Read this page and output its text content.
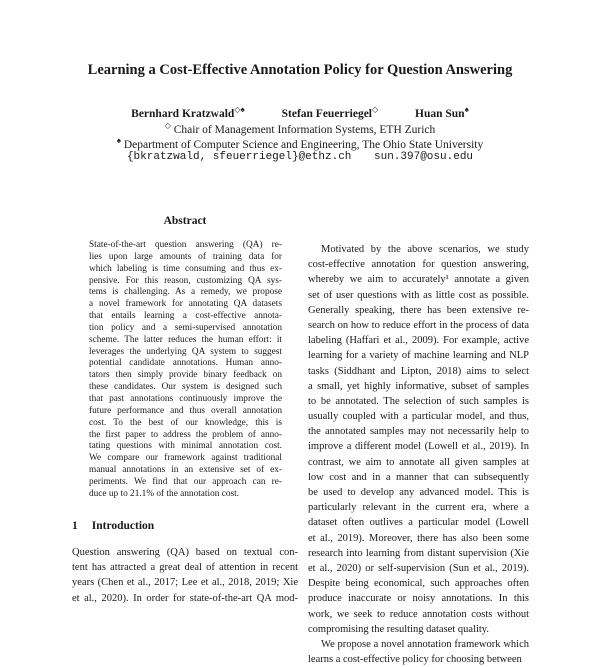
Learning a Cost-Effective Annotation Policy for Question Answering
Bernhard Kratzwald◇♠	Stefan Feuerriegel◇	Huan Sun♠
◇ Chair of Management Information Systems, ETH Zurich
♠ Department of Computer Science and Engineering, The Ohio State University
{bkratzwald, sfeuerriegel}@ethz.ch sun.397@osu.edu
Abstract
State-of-the-art question answering (QA) re-
lies upon large amounts of training data for
which labeling is time consuming and thus ex-
pensive. For this reason, customizing QA sys-
tems is challenging. As a remedy, we propose
a novel framework for annotating QA datasets
that entails learning a cost-effective annota-
tion policy and a semi-supervised annotation
scheme. The latter reduces the human effort: it
leverages the underlying QA system to suggest
potential candidate annotations. Human anno-
tators then simply provide binary feedback on
these candidates. Our system is designed such
that past annotations continuously improve the
future performance and thus overall annotation
cost. To the best of our knowledge, this is
the first paper to address the problem of anno-
tating questions with minimal annotation cost.
We compare our framework against traditional
manual annotations in an extensive set of ex-
periments. We find that our approach can re-
duce up to 21.1% of the annotation cost.
1 Introduction
Question answering (QA) based on textual con-
tent has attracted a great deal of attention in recent
years (Chen et al., 2017; Lee et al., 2018, 2019; Xie
et al., 2020). In order for state-of-the-art QA mod-
Motivated by the above scenarios, we study
cost-effective annotation for question answering,
whereby we aim to accurately¹ annotate a given
set of user questions with as little cost as possible.
Generally speaking, there has been extensive re-
search on how to reduce effort in the process of data
labeling (Haffari et al., 2009). For example, active
learning for a variety of machine learning and NLP
tasks (Siddhant and Lipton, 2018) aims to select
a small, yet highly informative, subset of samples
to be annotated. The selection of such samples is
usually coupled with a particular model, and thus,
the annotated samples may not necessarily help to
improve a different model (Lowell et al., 2019). In
contrast, we aim to annotate all given samples at
low cost and in a manner that can subsequently
be used to develop any advanced model. This is
particularly relevant in the current era, where a
dataset often outlives a particular model (Lowell
et al., 2019). Moreover, there has also been some
research into learning from distant supervision (Xie
et al., 2020) or self-supervision (Sun et al., 2019).
Despite being economical, such approaches often
produce inaccurate or noisy annotations. In this
work, we seek to reduce annotation costs without
compromising the resulting dataset quality.
We propose a novel annotation framework which
learns a cost-effective policy for choosing between
